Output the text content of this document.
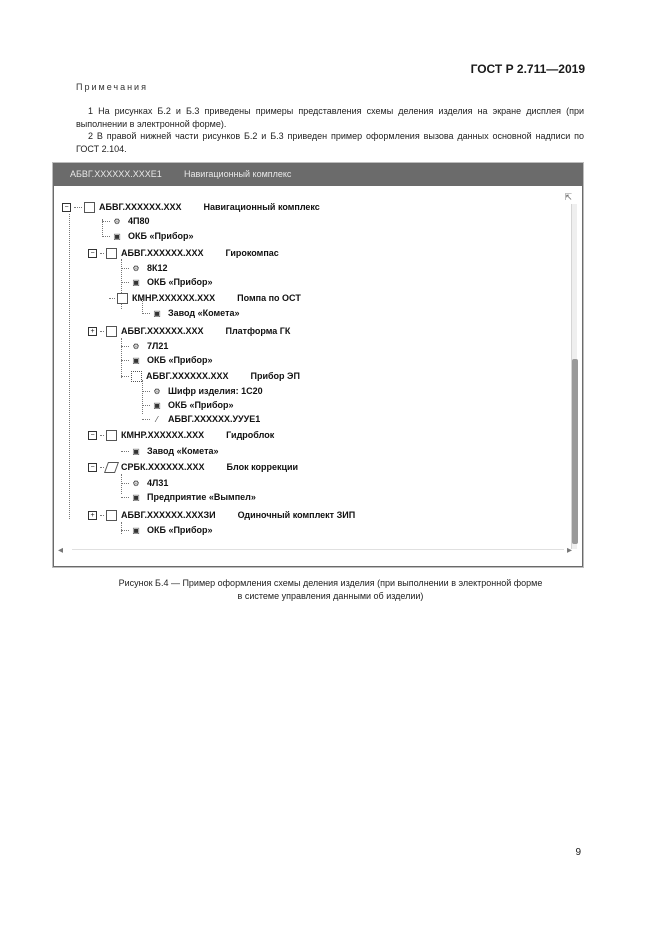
ГОСТ Р 2.711—2019
Примечания
1 На рисунках Б.2 и Б.3 приведены примеры представления схемы деления изделия на экране дисплея (при выполнении в электронной форме).
2 В правой нижней части рисунков Б.2 и Б.3 приведен пример оформления вызова данных основной надписи по ГОСТ 2.104.
АБВГ.XXXXXX.XXXE1 Навигационный комплекс
⇱
◂	▸
−	АБВГ.XXXXXX.XXX Навигационный комплекс
⚙ 4П80
▣ ОКБ «Прибор»
−	АБВГ.XXXXXX.XXX Гирокомпас
⚙ 8К12
▣ ОКБ «Прибор»
КМНР.XXXXXX.XXX Помпа по ОСТ
▣ Завод «Комета»
+	АБВГ.XXXXXX.XXX Платформа ГК
⚙ 7Л21
▣ ОКБ «Прибор»
АБВГ.XXXXXX.XXX Прибор ЭП
⚙ Шифр изделия: 1С20
▣ ОКБ «Прибор»
⁄	АБВГ.XXXXXX.УУУЕ1
−	КМНР.XXXXXX.XXX Гидроблок
▣ Завод «Комета»
−	СРБК.XXXXXX.XXX Блок коррекции
⚙ 4Л31
▣ Предприятие «Вымпел»
+	АБВГ.XXXXXX.XXXЗИ Одиночный комплект ЗИП
▣ ОКБ «Прибор»
Рисунок Б.4 — Пример оформления схемы деления изделия (при выполнении в электронной форме
в системе управления данными об изделии)
9
